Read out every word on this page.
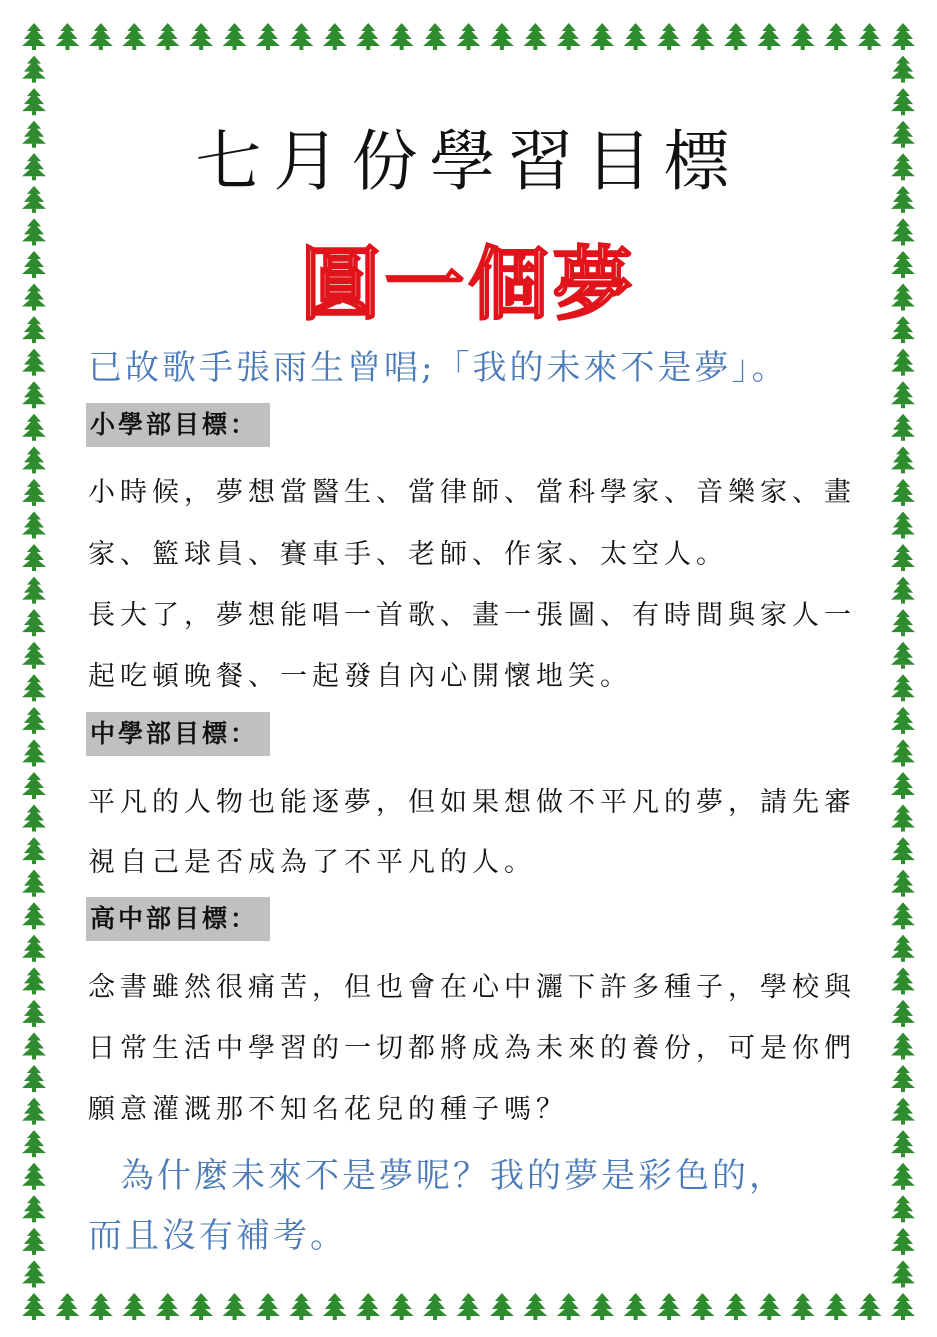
七月份學習目標
圓一個夢
已故歌手張雨生曾唱;「我的未來不是夢」。
小學部目標：
小時候，夢想當醫生、當律師、當科學家、音樂家、畫
家、籃球員、賽車手、老師、作家、太空人。
長大了，夢想能唱一首歌、畫一張圖、有時間與家人一
起吃頓晚餐、一起發自內心開懷地笑。
中學部目標：
平凡的人物也能逐夢，但如果想做不平凡的夢，請先審
視自己是否成為了不平凡的人。
高中部目標：
念書雖然很痛苦，但也會在心中灑下許多種子，學校與
日常生活中學習的一切都將成為未來的養份，可是你們
願意灌溉那不知名花兒的種子嗎？
為什麼未來不是夢呢？我的夢是彩色的，
而且沒有補考。
